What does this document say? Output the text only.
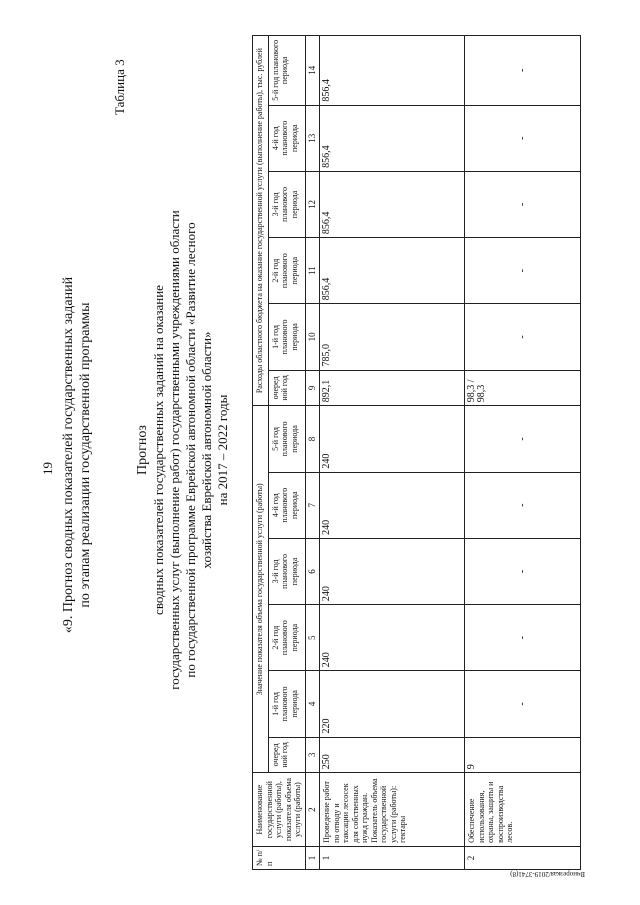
19 «9. Прогноз сводных показателей государственных заданий по этапам реализации государственной программы
Таблица 3
Прогноз сводных показателей государственных заданий на оказание государственных услуг (выполнение работ) государственными учреждениями области по государственной программе Еврейской автономной области «Развитие лесного хозяйства Еврейской автономной области» на 2017 – 2022 годы
№ п/п	Наименование государственной услуги (работы), показателя объема услуги (работы)	Значение показателя объема государственной услуги (работы)						Расходы областного бюджета на оказание государственной услуги (выполнение работы), тыс. рублей					
		очеред ной год	1-й год планового периода	2-й год планового периода	3-й год планового периода	4-й год планового периода	5-й год планового периода	очеред ной год	1-й год планового периода	2-й год планового периода	3-й год планового периода	4-й год планового периода	5-й год планового периода
1	2	3	4	5	6	7	8	9	10	11	12	13	14
1	Проведение работ по отводу и таксации лесосек для собственных нужд граждан. Показатель объема государственной услуги (работы): гектары	250	220	240	240	240	240	892,1	785,0	856,4	856,4	856,4	856,4
2	Обеспечение использования, охраны, защиты и воспроизводства лесов.	9	-	-	-	-	-	98,3 / 98,3	-	-	-	-	-
Вчнорезкая/2019-3741(8)
